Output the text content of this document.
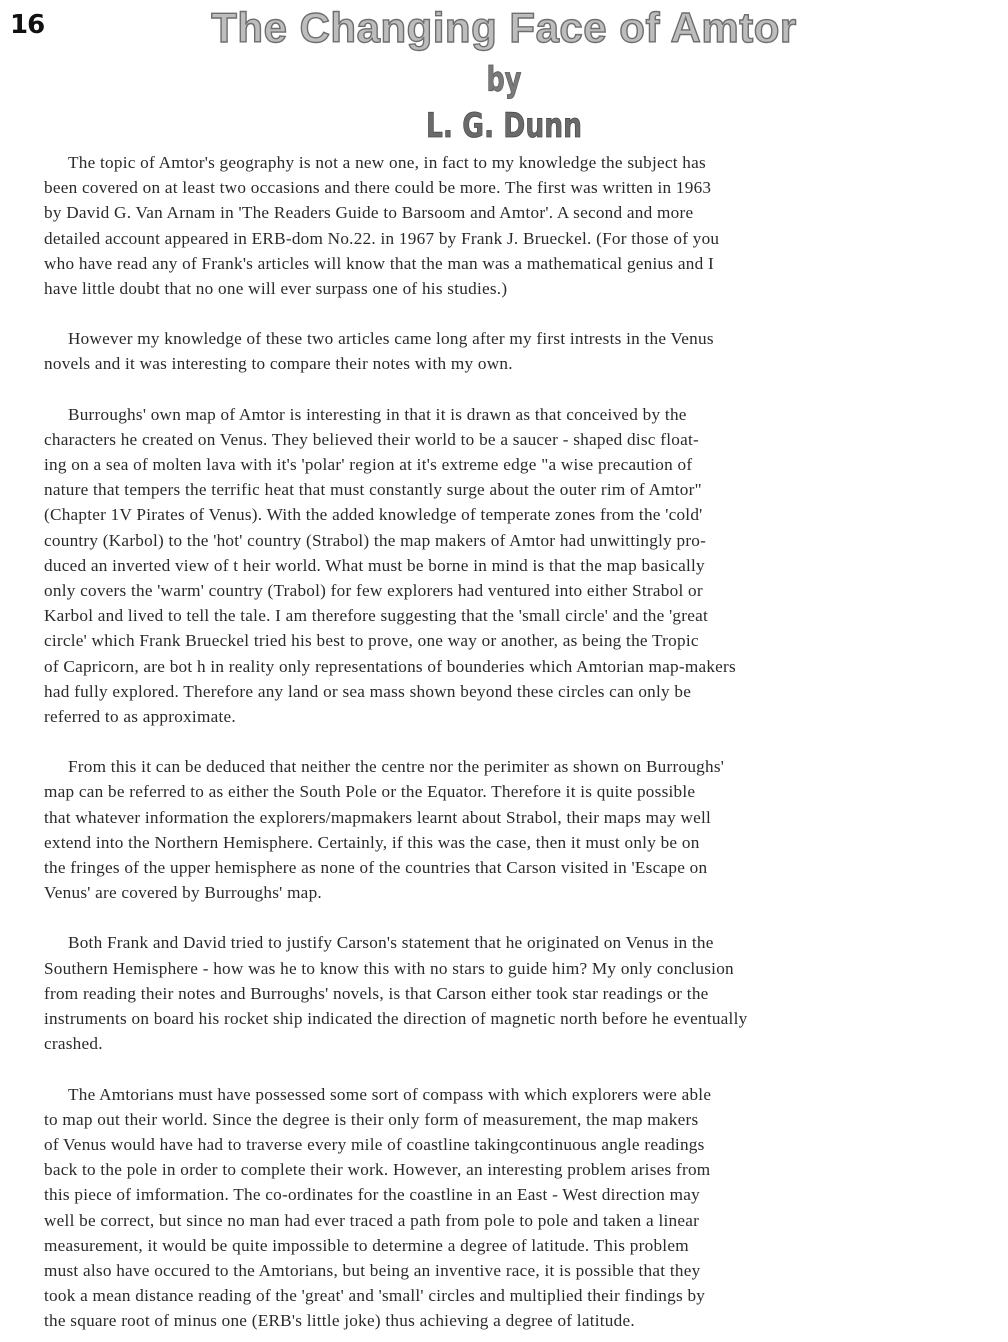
16	The Changing Face of Amtor
by
L. G. Dunn

The topic of Amtor's geography is not a new one, in fact to my knowledge the subject has
been covered on at least two occasions and there could be more. The first was written in 1963
by David G. Van Arnam in 'The Readers Guide to Barsoom and Amtor'. A second and more
detailed account appeared in ERB-dom No.22. in 1967 by Frank J. Brueckel. (For those of you
who have read any of Frank's articles will know that the man was a mathematical genius and I
have little doubt that no one will ever surpass one of his studies.)

However my knowledge of these two articles came long after my first intrests in the Venus
novels and it was interesting to compare their notes with my own.

Burroughs' own map of Amtor is interesting in that it is drawn as that conceived by the
characters he created on Venus. They believed their world to be a saucer - shaped disc float-
ing on a sea of molten lava with it's 'polar' region at it's extreme edge "a wise precaution of
nature that tempers the terrific heat that must constantly surge about the outer rim of Amtor"
(Chapter 1V Pirates of Venus). With the added knowledge of temperate zones from the 'cold'
country (Karbol) to the 'hot' country (Strabol) the map makers of Amtor had unwittingly pro-
duced an inverted view of t heir world. What must be borne in mind is that the map basically
only covers the 'warm' country (Trabol) for few explorers had ventured into either Strabol or
Karbol and lived to tell the tale. I am therefore suggesting that the 'small circle' and the 'great
circle' which Frank Brueckel tried his best to prove, one way or another, as being the Tropic
of Capricorn, are bot h in reality only representations of bounderies which Amtorian map-makers
had fully explored. Therefore any land or sea mass shown beyond these circles can only be
referred to as approximate.

From this it can be deduced that neither the centre nor the perimiter as shown on Burroughs'
map can be referred to as either the South Pole or the Equator. Therefore it is quite possible
that whatever information the explorers/mapmakers learnt about Strabol, their maps may well
extend into the Northern Hemisphere. Certainly, if this was the case, then it must only be on
the fringes of the upper hemisphere as none of the countries that Carson visited in 'Escape on
Venus' are covered by Burroughs' map.

Both Frank and David tried to justify Carson's statement that he originated on Venus in the
Southern Hemisphere - how was he to know this with no stars to guide him? My only conclusion
from reading their notes and Burroughs' novels, is that Carson either took star readings or the
instruments on board his rocket ship indicated the direction of magnetic north before he eventually
crashed.

The Amtorians must have possessed some sort of compass with which explorers were able
to map out their world. Since the degree is their only form of measurement, the map makers
of Venus would have had to traverse every mile of coastline takingcontinuous angle readings
back to the pole in order to complete their work. However, an interesting problem arises from
this piece of imformation. The co-ordinates for the coastline in an East - West direction may
well be correct, but since no man had ever traced a path from pole to pole and taken a linear
measurement, it would be quite impossible to determine a degree of latitude. This problem
must also have occured to the Amtorians, but being an inventive race, it is possible that they
took a mean distance reading of the 'great' and 'small' circles and multiplied their findings by
the square root of minus one (ERB's little joke) thus achieving a degree of latitude.
